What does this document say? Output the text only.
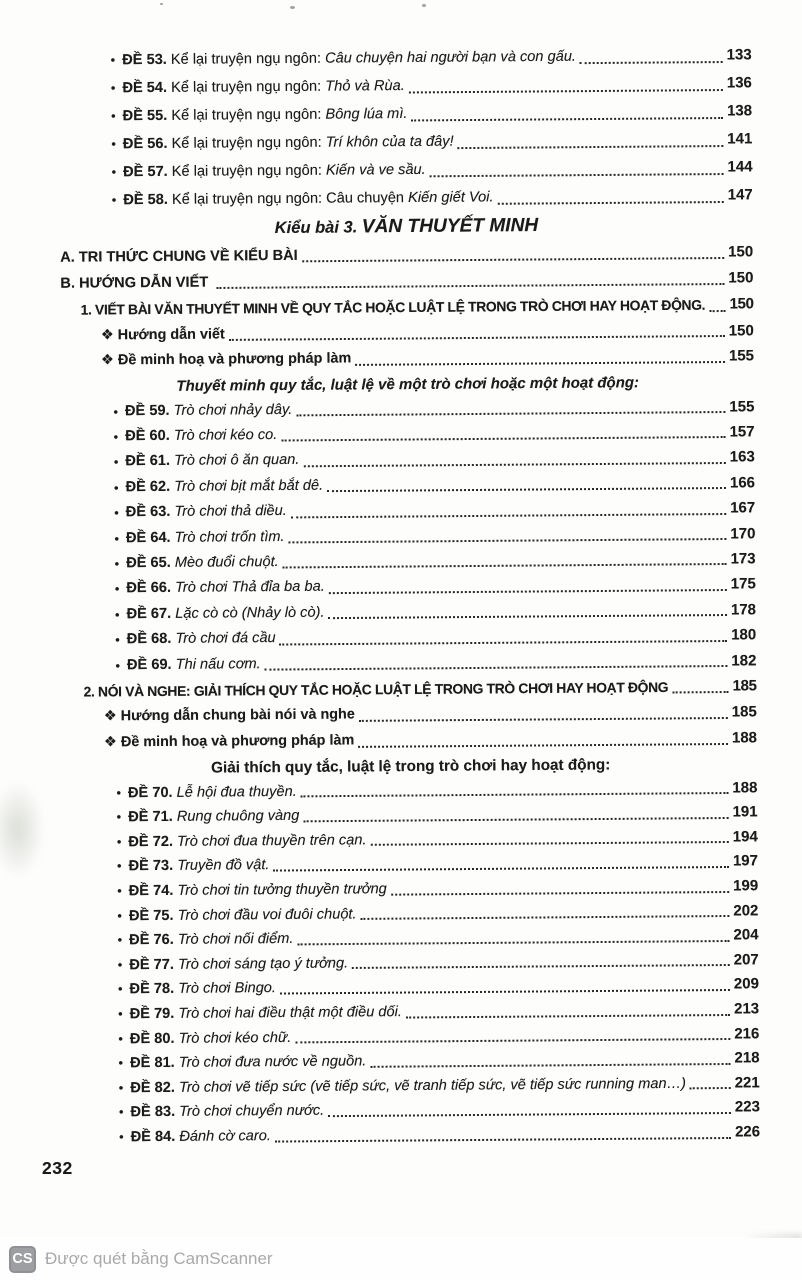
• ĐỀ 53. Kể lại truyện ngụ ngôn: Câu chuyện hai người bạn và con gấu.	133
• ĐỀ 54. Kể lại truyện ngụ ngôn: Thỏ và Rùa.	136
• ĐỀ 55. Kể lại truyện ngụ ngôn: Bông lúa mì.	138
• ĐỀ 56. Kể lại truyện ngụ ngôn: Trí khôn của ta đây!	141
• ĐỀ 57. Kể lại truyện ngụ ngôn: Kiến và ve sầu.	144
• ĐỀ 58. Kể lại truyện ngụ ngôn: Câu chuyện Kiến giết Voi.	147
Kiểu bài 3. VĂN THUYẾT MINH
A. TRI THỨC CHUNG VỀ KIỂU BÀI	150
B. HƯỚNG DẪN VIẾT	150
1. VIẾT BÀI VĂN THUYẾT MINH VỀ QUY TẮC HOẶC LUẬT LỆ TRONG TRÒ CHƠI HAY HOẠT ĐỘNG. 150
❖ Hướng dẫn viết	150
❖ Đề minh hoạ và phương pháp làm	155
Thuyết minh quy tắc, luật lệ về một trò chơi hoặc một hoạt động:
• ĐỀ 59. Trò chơi nhảy dây.	155
• ĐỀ 60. Trò chơi kéo co.	157
• ĐỀ 61. Trò chơi ô ăn quan.	163
• ĐỀ 62. Trò chơi bịt mắt bắt dê.	166
• ĐỀ 63. Trò chơi thả diều.	167
• ĐỀ 64. Trò chơi trốn tìm.	170
• ĐỀ 65. Mèo đuổi chuột.	173
• ĐỀ 66. Trò chơi Thả đỉa ba ba.	175
• ĐỀ 67. Lặc cò cò (Nhảy lò cò).	178
• ĐỀ 68. Trò chơi đá cầu	180
• ĐỀ 69. Thi nấu cơm.	182
2. NÓI VÀ NGHE: GIẢI THÍCH QUY TẮC HOẶC LUẬT LỆ TRONG TRÒ CHƠI HAY HOẠT ĐỘNG	185
❖ Hướng dẫn chung bài nói và nghe	185
❖ Đề minh hoạ và phương pháp làm	188
Giải thích quy tắc, luật lệ trong trò chơi hay hoạt động:
• ĐỀ 70. Lễ hội đua thuyền.	188
• ĐỀ 71. Rung chuông vàng	191
• ĐỀ 72. Trò chơi đua thuyền trên cạn.	194
• ĐỀ 73. Truyền đồ vật.	197
• ĐỀ 74. Trò chơi tin tưởng thuyền trưởng	199
• ĐỀ 75. Trò chơi đầu voi đuôi chuột.	202
• ĐỀ 76. Trò chơi nối điểm.	204
• ĐỀ 77. Trò chơi sáng tạo ý tưởng.	207
• ĐỀ 78. Trò chơi Bingo.	209
• ĐỀ 79. Trò chơi hai điều thật một điều dối.	213
• ĐỀ 80. Trò chơi kéo chữ.	216
• ĐỀ 81. Trò chơi đưa nước về nguồn.	218
• ĐỀ 82. Trò chơi vẽ tiếp sức (vẽ tiếp sức, vẽ tranh tiếp sức, vẽ tiếp sức running man…)	221
• ĐỀ 83. Trò chơi chuyển nước.	223
• ĐỀ 84. Đánh cờ caro.	226
232
CS Được quét bằng CamScanner
